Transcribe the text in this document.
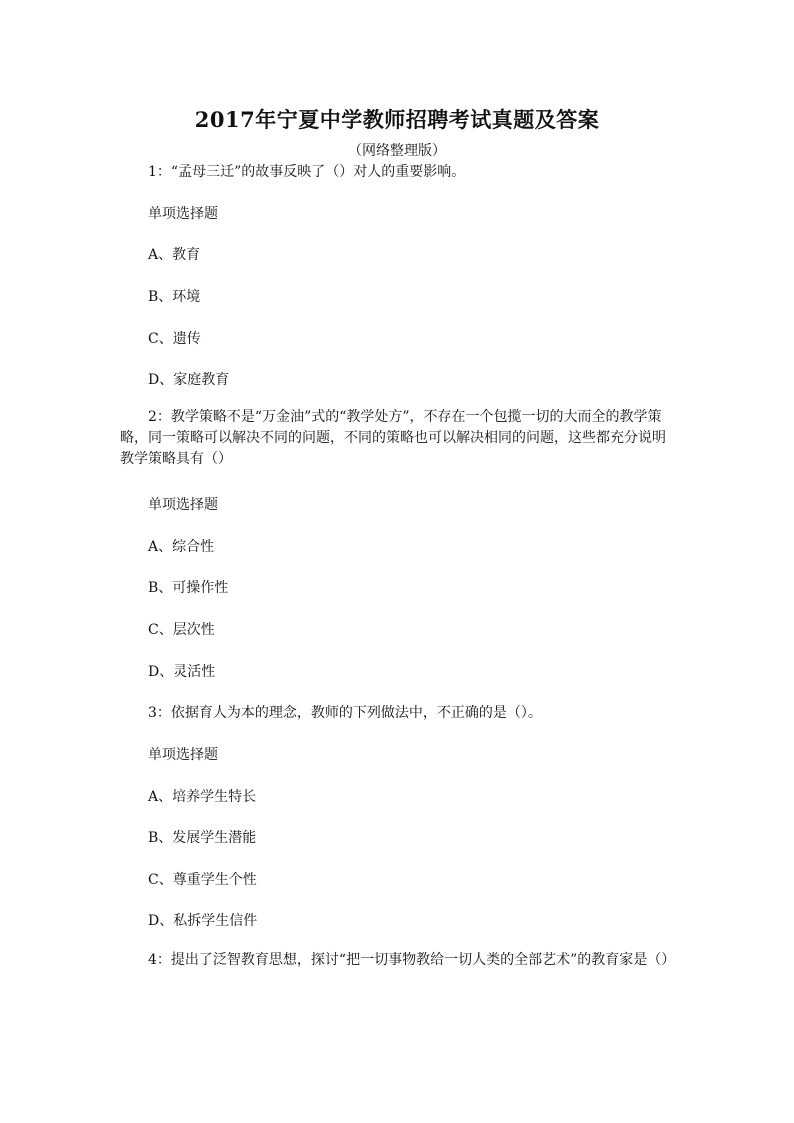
2017年宁夏中学教师招聘考试真题及答案
（网络整理版）
1：“孟母三迁”的故事反映了（）对人的重要影响。
单项选择题
A、教育
B、环境
C、遗传
D、家庭教育
2：教学策略不是“万金油”式的“教学处方”，不存在一个包揽一切的大而全的教学策略，同一策略可以解决不同的问题，不同的策略也可以解决相同的问题，这些都充分说明教学策略具有（）
单项选择题
A、综合性
B、可操作性
C、层次性
D、灵活性
3：依据育人为本的理念，教师的下列做法中，不正确的是（）。
单项选择题
A、培养学生特长
B、发展学生潜能
C、尊重学生个性
D、私拆学生信件
4：提出了泛智教育思想，探讨“把一切事物教给一切人类的全部艺术”的教育家是（）
